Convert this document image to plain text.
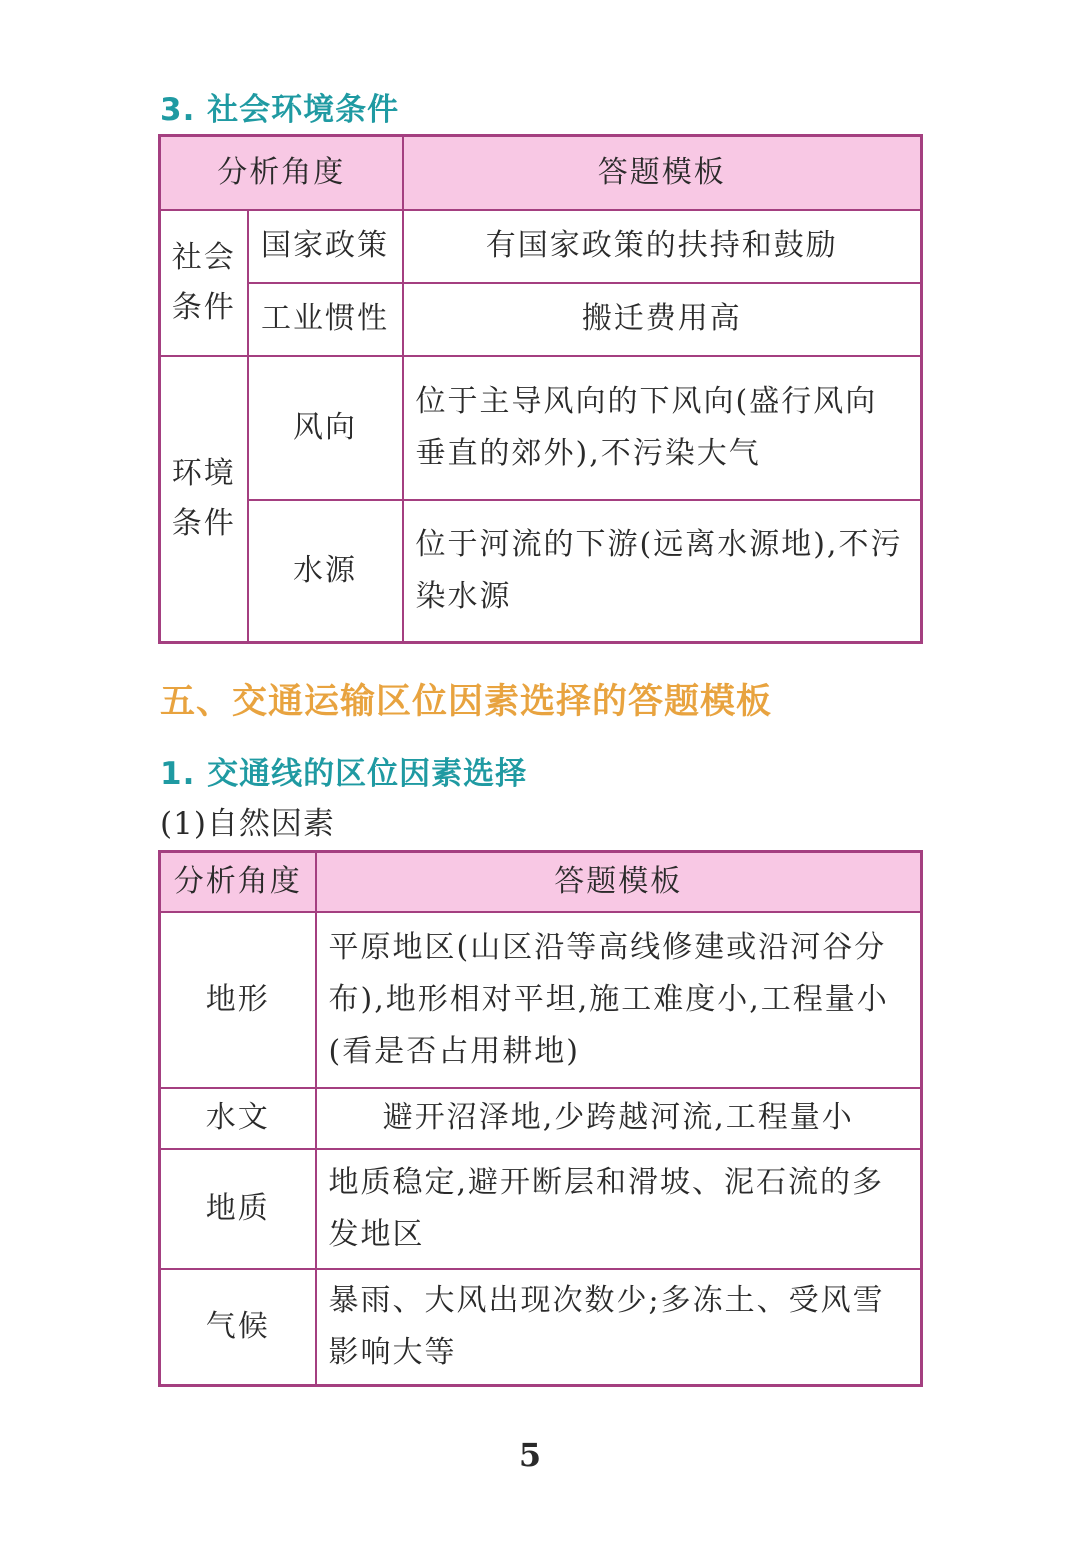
3. 社会环境条件
分析角度		答题模板
社会条件	国家政策	有国家政策的扶持和鼓励
	工业惯性	搬迁费用高
环境条件	风向	位于主导风向的下风向(盛行风向垂直的郊外),不污染大气
	水源	位于河流的下游(远离水源地),不污染水源
五、交通运输区位因素选择的答题模板
1. 交通线的区位因素选择
(1)自然因素
分析角度	答题模板
地形	平原地区(山区沿等高线修建或沿河谷分布),地形相对平坦,施工难度小,工程量小(看是否占用耕地)
水文	避开沼泽地,少跨越河流,工程量小
地质	地质稳定,避开断层和滑坡、泥石流的多发地区
气候	暴雨、大风出现次数少;多冻土、受风雪影响大等
5
